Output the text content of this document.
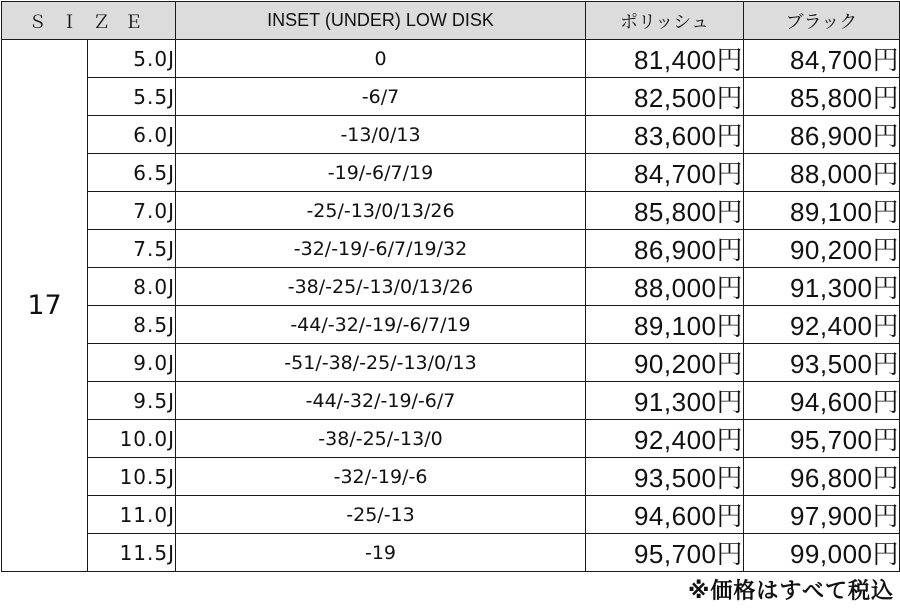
ＳＩＺＥ		INSET (UNDER) LOW DISK	ポリッシュ	ブラック
17	5.0J	0	81,400円	84,700円
	5.5J	-6/7	82,500円	85,800円
	6.0J	-13/0/13	83,600円	86,900円
	6.5J	-19/-6/7/19	84,700円	88,000円
	7.0J	-25/-13/0/13/26	85,800円	89,100円
	7.5J	-32/-19/-6/7/19/32	86,900円	90,200円
	8.0J	-38/-25/-13/0/13/26	88,000円	91,300円
	8.5J	-44/-32/-19/-6/7/19	89,100円	92,400円
	9.0J	-51/-38/-25/-13/0/13	90,200円	93,500円
	9.5J	-44/-32/-19/-6/7	91,300円	94,600円
	10.0J	-38/-25/-13/0	92,400円	95,700円
	10.5J	-32/-19/-6	93,500円	96,800円
	11.0J	-25/-13	94,600円	97,900円
	11.5J	-19	95,700円	99,000円
※価格はすべて税込
